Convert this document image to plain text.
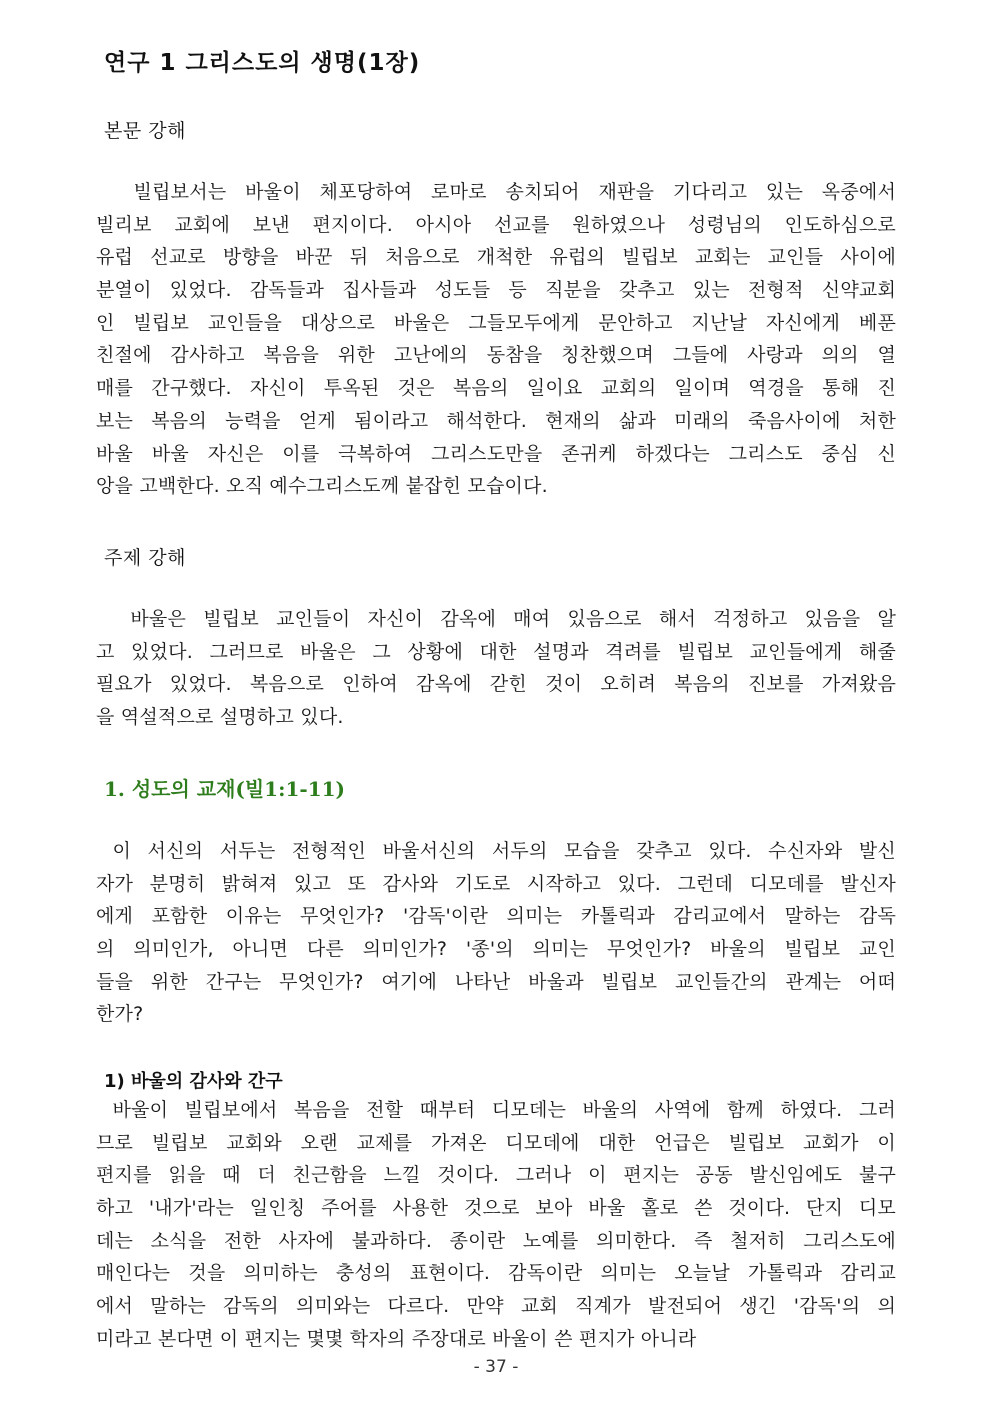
연구 1 그리스도의 생명(1장)
본문 강해
빌립보서는 바울이 체포당하여 로마로 송치되어 재판을 기다리고 있는 옥중에서
빌리보 교회에 보낸 편지이다. 아시아 선교를 원하였으나 성령님의 인도하심으로
유럽 선교로 방향을 바꾼 뒤 처음으로 개척한 유럽의 빌립보 교회는 교인들 사이에
분열이 있었다. 감독들과 집사들과 성도들 등 직분을 갖추고 있는 전형적 신약교회
인 빌립보 교인들을 대상으로 바울은 그들모두에게 문안하고 지난날 자신에게 베푼
친절에 감사하고 복음을 위한 고난에의 동참을 칭찬했으며 그들에 사랑과 의의 열
매를 간구했다. 자신이 투옥된 것은 복음의 일이요 교회의 일이며 역경을 통해 진
보는 복음의 능력을 얻게 됨이라고 해석한다. 현재의 삶과 미래의 죽음사이에 처한
바울 바울 자신은 이를 극복하여 그리스도만을 존귀케 하겠다는 그리스도 중심 신
앙을 고백한다. 오직 예수그리스도께 붙잡힌 모습이다.
주제 강해
바울은 빌립보 교인들이 자신이 감옥에 매여 있음으로 해서 걱정하고 있음을 알
고 있었다. 그러므로 바울은 그 상황에 대한 설명과 격려를 빌립보 교인들에게 해줄
필요가 있었다. 복음으로 인하여 감옥에 갇힌 것이 오히려 복음의 진보를 가져왔음
을 역설적으로 설명하고 있다.
1. 성도의 교재(빌1:1-11)
이 서신의 서두는 전형적인 바울서신의 서두의 모습을 갖추고 있다. 수신자와 발신
자가 분명히 밝혀져 있고 또 감사와 기도로 시작하고 있다. 그런데 디모데를 발신자
에게 포함한 이유는 무엇인가? '감독'이란 의미는 카톨릭과 감리교에서 말하는 감독
의 의미인가, 아니면 다른 의미인가? '종'의 의미는 무엇인가? 바울의 빌립보 교인
들을 위한 간구는 무엇인가? 여기에 나타난 바울과 빌립보 교인들간의 관계는 어떠
한가?
1) 바울의 감사와 간구
바울이 빌립보에서 복음을 전할 때부터 디모데는 바울의 사역에 함께 하였다. 그러
므로 빌립보 교회와 오랜 교제를 가져온 디모데에 대한 언급은 빌립보 교회가 이
편지를 읽을 때 더 친근함을 느낄 것이다. 그러나 이 편지는 공동 발신임에도 불구
하고 '내가'라는 일인칭 주어를 사용한 것으로 보아 바울 홀로 쓴 것이다. 단지 디모
데는 소식을 전한 사자에 불과하다. 종이란 노예를 의미한다. 즉 철저히 그리스도에
매인다는 것을 의미하는 충성의 표현이다. 감독이란 의미는 오늘날 가톨릭과 감리교
에서 말하는 감독의 의미와는 다르다. 만약 교회 직계가 발전되어 생긴 '감독'의 의
미라고 본다면 이 편지는 몇몇 학자의 주장대로 바울이 쓴 편지가 아니라
- 37 -
